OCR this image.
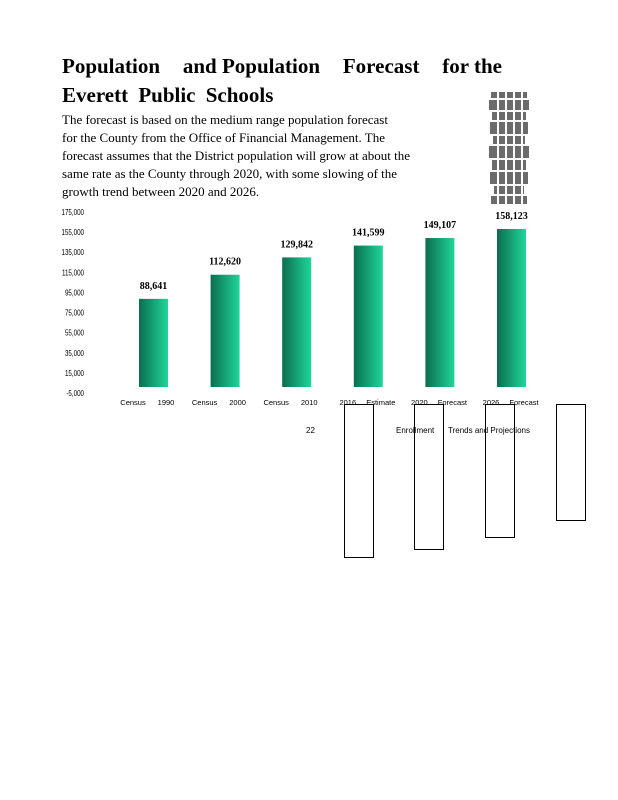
Population and Population Forecast for the
Everett Public Schools
The forecast is based on the medium range population forecast
for the County from the Office of Financial Management. The
forecast assumes that the District population will grow at about the
same rate as the County through 2020, with some slowing of the
growth trend between 2020 and 2026.
175,000
155,000
135,000
115,000
95,000
75,000
55,000
35,000
15,000
-5,000
88,641
112,620
129,842
141,599
149,107
158,123
Census 1990 Census 2000 Census 2010	2016 Estimate 2020 Forecast 2026 Forecast
22	Enrollment Trends and Projections
